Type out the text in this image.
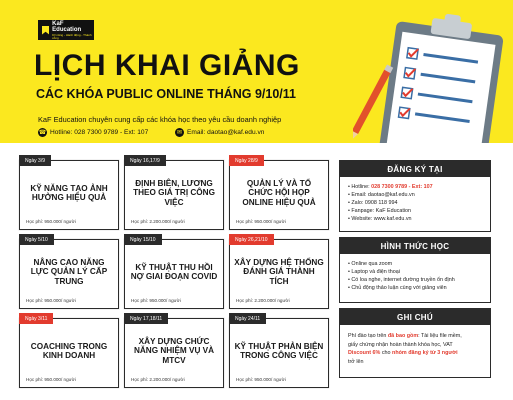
KaF Education
Kỹ năng - Hành động - Thành công
LỊCH KHAI GIẢNG
CÁC KHÓA PUBLIC ONLINE THÁNG 9/10/11
KaF Education chuyên cung cấp các khóa học theo yêu cầu doanh nghiệp
☎ Hotline: 028 7300 9789 - Ext: 107	✉ Email: daotao@kaf.edu.vn
Ngày 3/9
KỸ NĂNG TẠO ẢNH HƯỞNG HIỆU QUẢ
Học phí: 950.000/ người
Ngày 16,17/9
ĐỊNH BIÊN, LƯƠNG THEO GIÁ TRỊ CÔNG VIỆC
Học phí: 2.200.000/ người
Ngày 28/9
QUẢN LÝ VÀ TỔ CHỨC HỘI HỌP ONLINE HIỆU QUẢ
Học phí: 950.000/ người
Ngày 5/10
NÂNG CAO NĂNG LỰC QUẢN LÝ CẤP TRUNG
Học phí: 950.000/ người
Ngày 15/10
KỸ THUẬT THU HỒI NỢ GIAI ĐOẠN COVID
Học phí: 950.000/ người
Ngày 26,21/10
XÂY DỰNG HỆ THỐNG ĐÁNH GIÁ THÀNH TÍCH
Học phí: 2.200.000/ người
Ngày 3/11
COACHING TRONG KINH DOANH
Học phí: 950.000/ người
Ngày 17,18/11
XÂY DỰNG CHỨC NĂNG NHIỆM VỤ VÀ MTCV
Học phí: 2.200.000/ người
Ngày 24/11
KỸ THUẬT PHẢN BIỆN TRONG CÔNG VIỆC
Học phí: 950.000/ người
ĐĂNG KÝ TẠI
• Hotline: 028 7300 9789 - Ext: 107
• Email: daotao@kaf.edu.vn
• Zalo: 0908 118 994
• Fanpage: KaF Education
• Website: www.kaf.edu.vn
HÌNH THỨC HỌC
• Online qua zoom
• Laptop và điện thoại
• Có loa nghe, internet đường truyền ổn định
• Chủ động thảo luận cùng với giảng viên
GHI CHÚ
Phí đào tạo trên đã bao gồm: Tài liệu file mềm,
giấy chứng nhận hoàn thành khóa học, VAT
Discount 6% cho nhóm đăng ký từ 3 người
trở lên
